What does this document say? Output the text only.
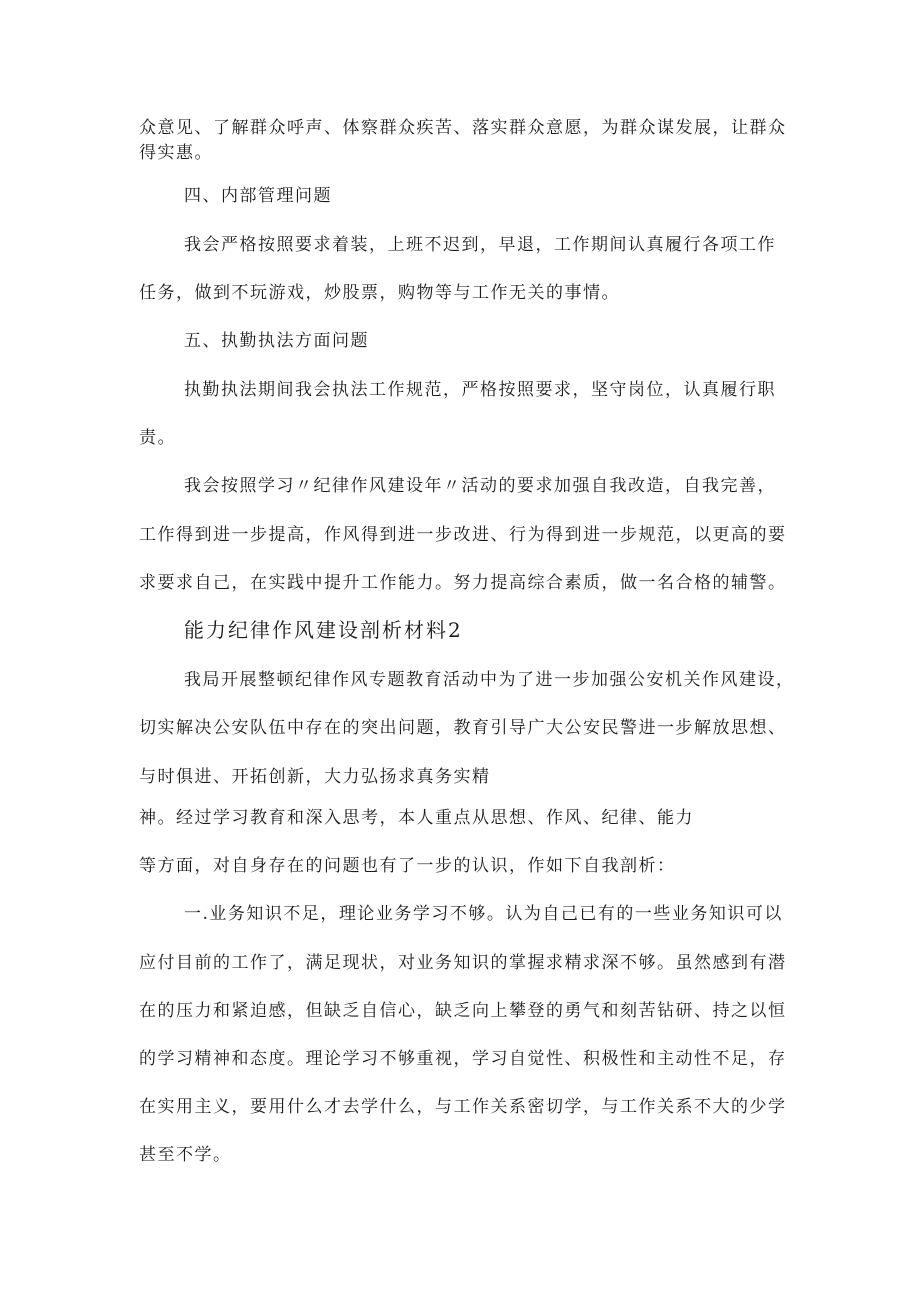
众意见、了解群众呼声、体察群众疾苦、落实群众意愿，为群众谋发展，让群众
得实惠。
四、内部管理问题
我会严格按照要求着装，上班不迟到，早退，工作期间认真履行各项工作
任务，做到不玩游戏，炒股票，购物等与工作无关的事情。
五、执勤执法方面问题
执勤执法期间我会执法工作规范，严格按照要求，坚守岗位，认真履行职
责。
我会按照学习〃纪律作风建设年〃活动的要求加强自我改造，自我完善，
工作得到进一步提高，作风得到进一步改进、行为得到进一步规范，以更高的要
求要求自己，在实践中提升工作能力。努力提高综合素质，做一名合格的辅警。
能力纪律作风建设剖析材料2
我局开展整顿纪律作风专题教育活动中为了进一步加强公安机关作风建设，
切实解决公安队伍中存在的突出问题，教育引导广大公安民警进一步解放思想、
与时俱进、开拓创新，大力弘扬求真务实精
神。经过学习教育和深入思考，本人重点从思想、作风、纪律、能力
等方面，对自身存在的问题也有了一步的认识，作如下自我剖析：
一.业务知识不足，理论业务学习不够。认为自己已有的一些业务知识可以
应付目前的工作了，满足现状，对业务知识的掌握求精求深不够。虽然感到有潜
在的压力和紧迫感，但缺乏自信心，缺乏向上攀登的勇气和刻苦钻研、持之以恒
的学习精神和态度。理论学习不够重视，学习自觉性、积极性和主动性不足，存
在实用主义，要用什么才去学什么，与工作关系密切学，与工作关系不大的少学
甚至不学。
